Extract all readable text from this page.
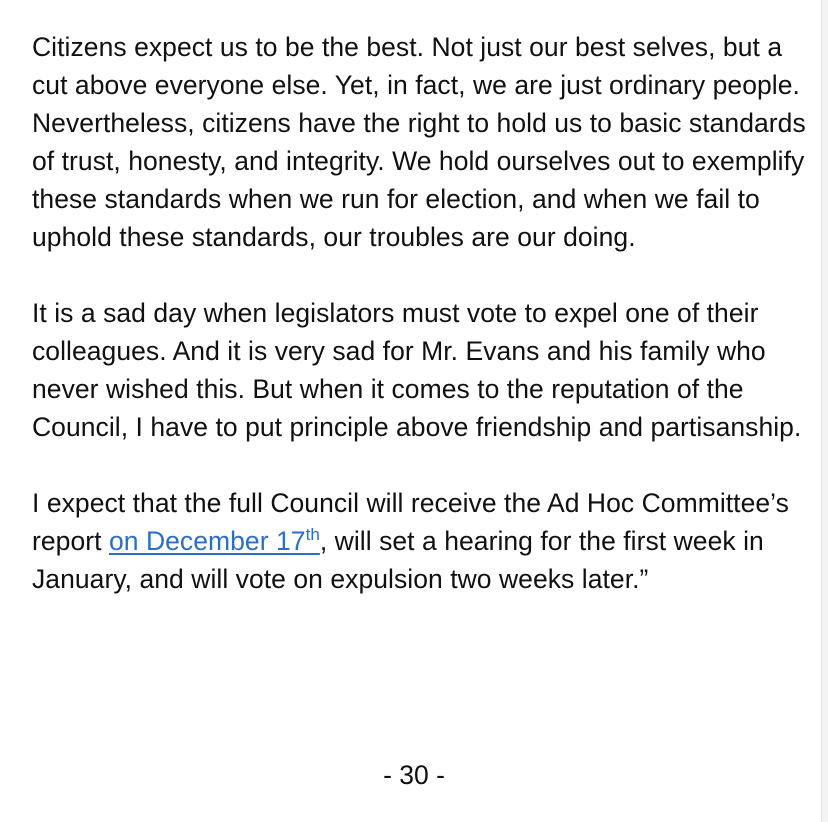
Citizens expect us to be the best. Not just our best selves, but a cut above everyone else. Yet, in fact, we are just ordinary people. Nevertheless, citizens have the right to hold us to basic standards of trust, honesty, and integrity. We hold ourselves out to exemplify these standards when we run for election, and when we fail to uphold these standards, our troubles are our doing.

It is a sad day when legislators must vote to expel one of their colleagues. And it is very sad for Mr. Evans and his family who never wished this. But when it comes to the reputation of the Council, I have to put principle above friendship and partisanship.

I expect that the full Council will receive the Ad Hoc Committee’s report on December 17th, will set a hearing for the first week in January, and will vote on expulsion two weeks later.”

- 30 -
